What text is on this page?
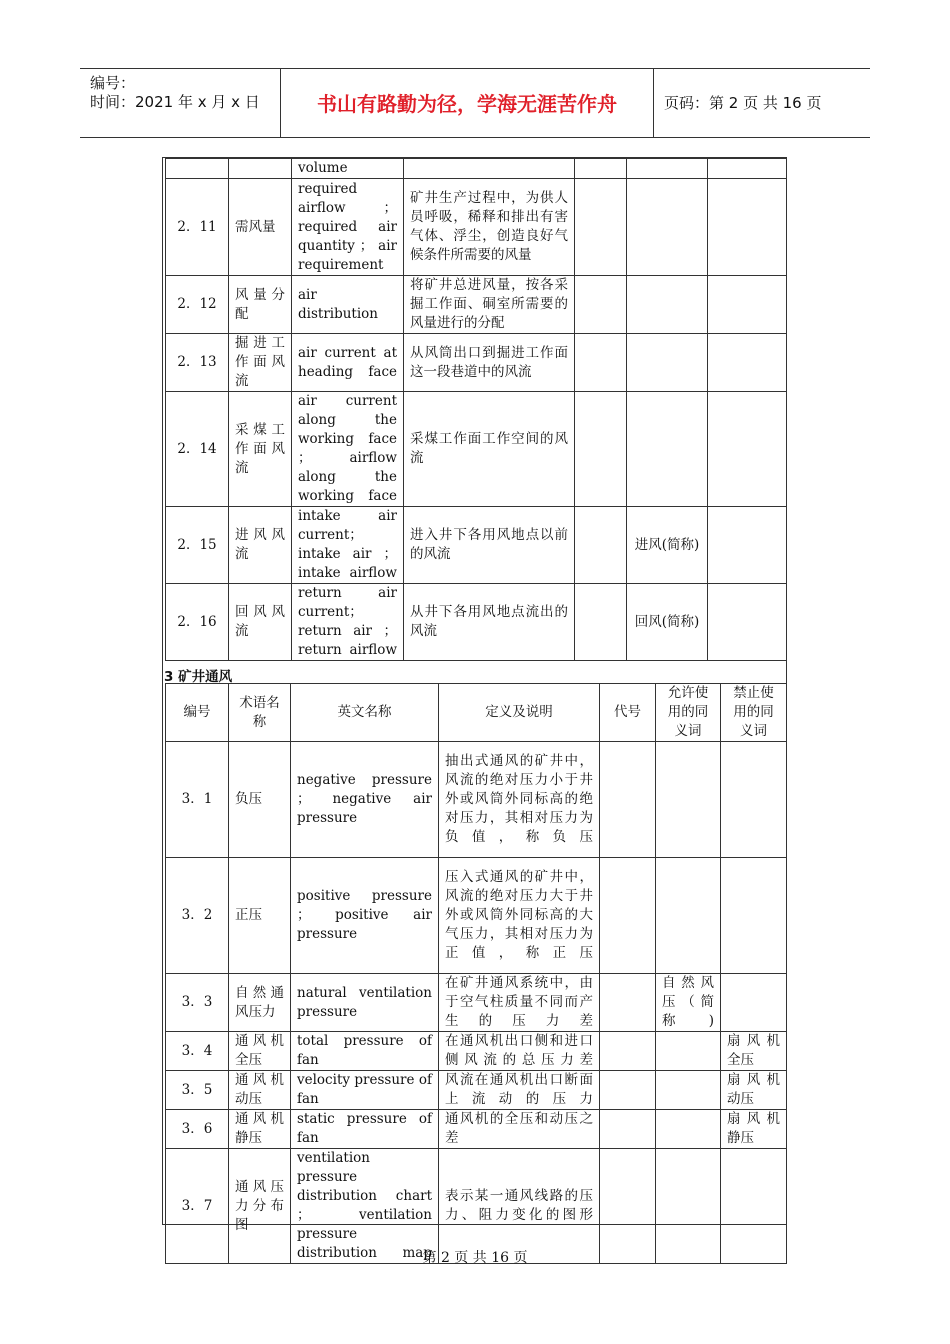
编号：
时间：2021 年 x 月 x 日	书山有路勤为径，学海无涯苦作舟	页码：第 2 页 共 16 页
		volume				
2．11	需风量	required airflow ； required air quantity ； air requirement	矿井生产过程中，为供人员呼吸，稀释和排出有害气体、浮尘，创造良好气候条件所需要的风量			
2．12	风量分配	air distribution	将矿井总进风量，按各采掘工作面、硐室所需要的风量进行的分配			
2．13	掘进工作面风流	air current at heading face	从风筒出口到掘进工作面这一段巷道中的风流			
2．14	采煤工作面风流	air current along the working face ； airflow along the working face	采煤工作面工作空间的风流			
2．15	进风风流	intake air current；intake air ； intake airflow	进入井下各用风地点以前的风流		进风(简称)	
2．16	回风风流	return air current； return air ； return airflow	从井下各用风地点流出的风流		回风(简称)	
3 矿井通风
编号	术语名称	英文名称	定义及说明	代号	允许使用的同义词	禁止使用的同义词
3．1	负压	negative pressure ； negative air pressure	抽出式通风的矿井中，风流的绝对压力小于井外或风筒外同标高的绝对压力，其相对压力为负值，称负压			
3．2	正压	positive pressure ； positive air pressure	压入式通风的矿井中，风流的绝对压力大于井外或风筒外同标高的大气压力，其相对压力为正值，称正压			
3．3	自然通风压力	natural ventilation pressure	在矿井通风系统中，由于空气柱质量不同而产生的压力差		自然风压（简称)	
3．4	通风机全压	total pressure of fan	在通风机出口侧和进口侧风流的总压力差			扇风机全压
3．5	通风机动压	velocity pressure of fan	风流在通风机出口断面上流动的压力			扇风机动压
3．6	通风机静压	static pressure of fan	通风机的全压和动压之差			扇风机静压
3．7	通风压力分布图	ventilation pressure distribution chart ； ventilation pressure distribution map	表示某一通风线路的压力、阻力变化的图形			
第 2 页 共 16 页
